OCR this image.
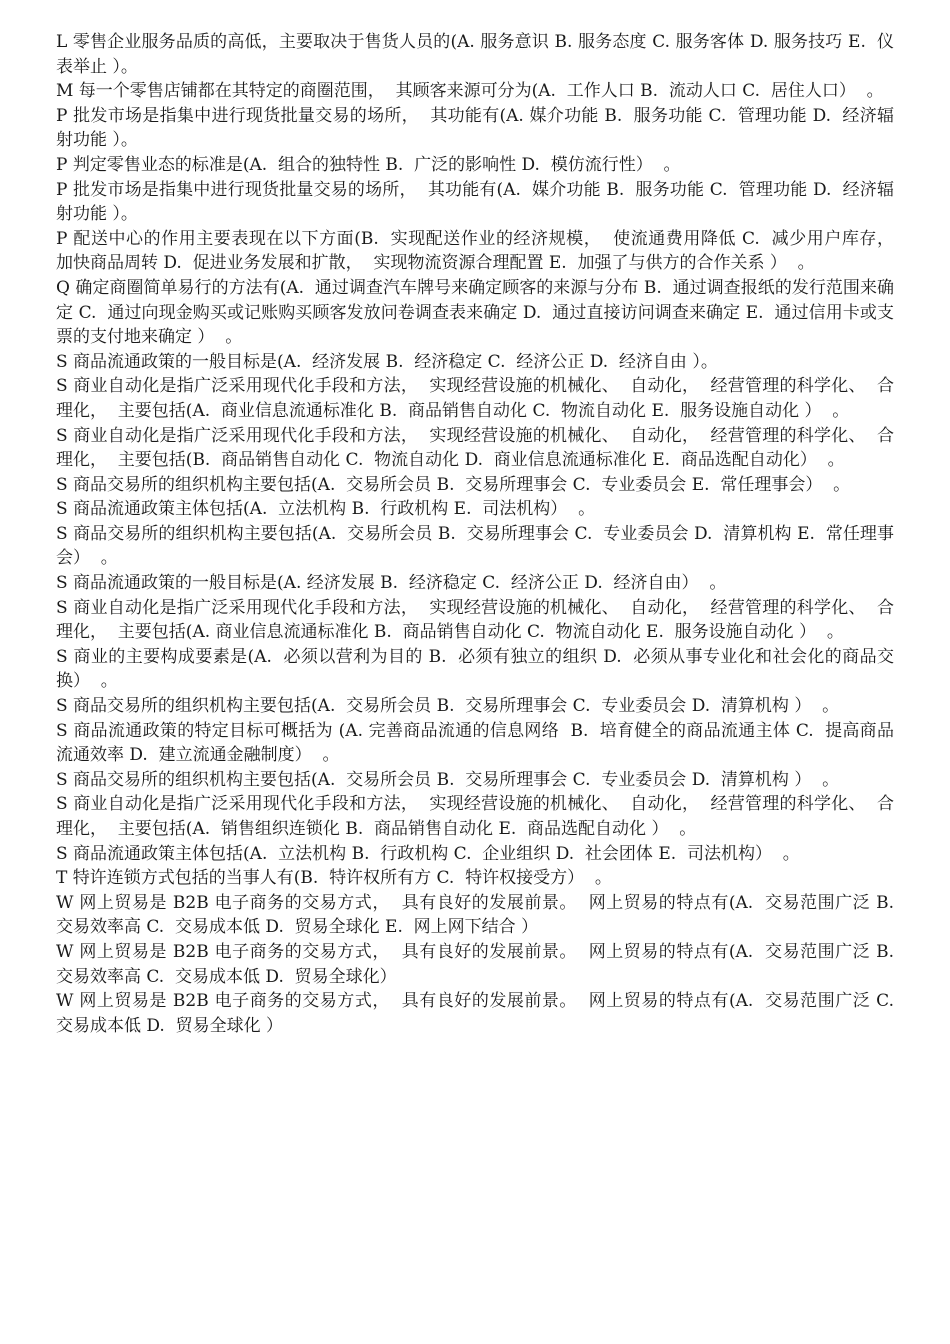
L 零售企业服务品质的高低，主要取决于售货人员的(A. 服务意识 B. 服务态度 C. 服务客体 D. 服务技巧 E.  仪表举止 ）。

M 每一个零售店铺都在其特定的商圈范围，  其顾客来源可分为(A.  工作人口 B.  流动人口 C.  居住人口）  。

P 批发市场是指集中进行现货批量交易的场所，  其功能有(A. 媒介功能 B.  服务功能 C.  管理功能 D.  经济辐射功能 ）。

P 判定零售业态的标准是(A.  组合的独特性 B.  广泛的影响性 D.  模仿流行性）  。

P 批发市场是指集中进行现货批量交易的场所，  其功能有(A.  媒介功能 B.  服务功能 C.  管理功能 D.  经济辐射功能 ）。

P 配送中心的作用主要表现在以下方面(B.  实现配送作业的经济规模，  使流通费用降低 C.  减少用户库存，  加快商品周转 D.  促进业务发展和扩散，  实现物流资源合理配置 E.  加强了与供方的合作关系 ）  。

Q 确定商圈简单易行的方法有(A.  通过调查汽车牌号来确定顾客的来源与分布 B.  通过调查报纸的发行范围来确定 C.  通过向现金购买或记账购买顾客发放问卷调查表来确定 D.  通过直接访问调查来确定 E.  通过信用卡或支票的支付地来确定 ）  。

S 商品流通政策的一般目标是(A.  经济发展 B.  经济稳定 C.  经济公正 D.  经济自由 ）。

S 商业自动化是指广泛采用现代化手段和方法，  实现经营设施的机械化、  自动化，  经营管理的科学化、  合理化，  主要包括(A.  商业信息流通标准化 B.  商品销售自动化 C.  物流自动化 E.  服务设施自动化 ）  。

S 商业自动化是指广泛采用现代化手段和方法，  实现经营设施的机械化、  自动化，  经营管理的科学化、  合理化，  主要包括(B.  商品销售自动化 C.  物流自动化 D.  商业信息流通标准化 E.  商品选配自动化）  。

S 商品交易所的组织机构主要包括(A.  交易所会员 B.  交易所理事会 C.  专业委员会 E.  常任理事会）  。

S 商品流通政策主体包括(A.  立法机构 B.  行政机构 E.  司法机构）  。

S 商品交易所的组织机构主要包括(A.  交易所会员 B.  交易所理事会 C.  专业委员会 D.  清算机构 E.  常任理事会）  。

S 商品流通政策的一般目标是(A. 经济发展 B.  经济稳定 C.  经济公正 D.  经济自由）  。

S 商业自动化是指广泛采用现代化手段和方法，  实现经营设施的机械化、  自动化，  经营管理的科学化、  合理化，  主要包括(A. 商业信息流通标准化 B.  商品销售自动化 C.  物流自动化 E.  服务设施自动化 ）  。

S 商业的主要构成要素是(A.  必须以营利为目的 B.  必须有独立的组织 D.  必须从事专业化和社会化的商品交换）  。

S 商品交易所的组织机构主要包括(A.  交易所会员 B.  交易所理事会 C.  专业委员会 D.  清算机构 ）  。

S 商品流通政策的特定目标可概括为 (A. 完善商品流通的信息网络  B.  培育健全的商品流通主体 C.  提高商品流通效率 D.  建立流通金融制度）  。

S 商品交易所的组织机构主要包括(A.  交易所会员 B.  交易所理事会 C.  专业委员会 D.  清算机构 ）  。

S 商业自动化是指广泛采用现代化手段和方法，  实现经营设施的机械化、  自动化，  经营管理的科学化、  合理化，  主要包括(A.  销售组织连锁化 B.  商品销售自动化 E.  商品选配自动化 ）  。

S 商品流通政策主体包括(A.  立法机构 B.  行政机构 C.  企业组织 D.  社会团体 E.  司法机构）  。

T 特许连锁方式包括的当事人有(B.  特许权所有方 C.  特许权接受方）  。

W 网上贸易是 B2B 电子商务的交易方式，  具有良好的发展前景。  网上贸易的特点有(A.  交易范围广泛 B.  交易效率高 C.  交易成本低 D.  贸易全球化 E.  网上网下结合 ）

W 网上贸易是 B2B 电子商务的交易方式，  具有良好的发展前景。  网上贸易的特点有(A.  交易范围广泛 B.  交易效率高 C.  交易成本低 D.  贸易全球化）

W 网上贸易是 B2B 电子商务的交易方式，  具有良好的发展前景。  网上贸易的特点有(A.  交易范围广泛 C.  交易成本低 D.  贸易全球化 ）
